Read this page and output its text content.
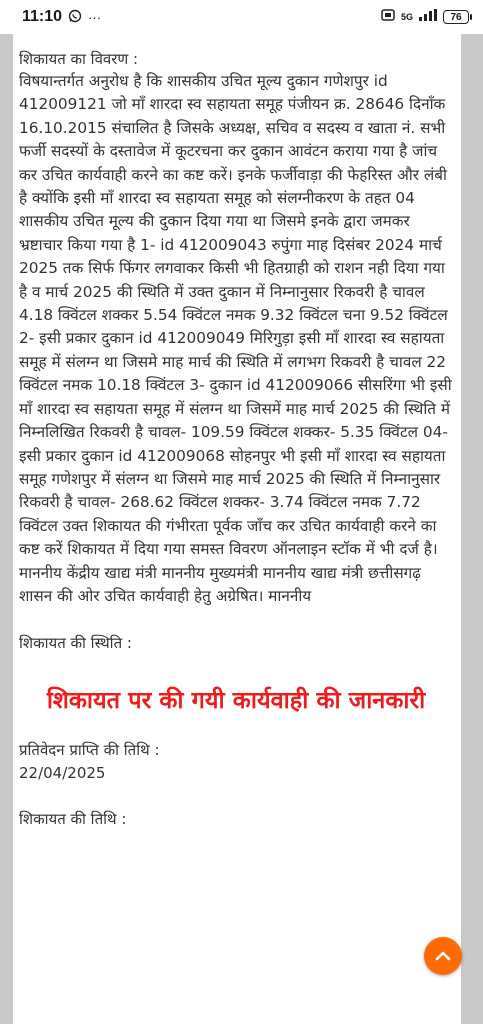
11:10 ···	5G	76

शिकायत का विवरण :

विषयान्तर्गत अनुरोध है कि शासकीय उचित मूल्य दुकान गणेशपुर id 412009121 जो माँ शारदा स्व सहायता समूह पंजीयन क्र. 28646 दिनाँक 16.10.2015 संचालित है जिसके अध्यक्ष, सचिव व सदस्य व खाता नं. सभी फर्जी सदस्यों के दस्तावेज में कूटरचना कर दुकान आवंटन कराया गया है जांच कर उचित कार्यवाही करने का कष्ट करें। इनके फर्जीवाड़ा की फेहरिस्त और लंबी है क्योंकि इसी माँ शारदा स्व सहायता समूह को संलग्नीकरण के तहत 04 शासकीय उचित मूल्य की दुकान दिया गया था जिसमे इनके द्वारा जमकर भ्रष्टाचार किया गया है 1- id 412009043 रुपुंगा माह दिसंबर 2024 मार्च 2025 तक सिर्फ फिंगर लगवाकर किसी भी हितग्राही को राशन नही दिया गया है व मार्च 2025 की स्थिति में उक्त दुकान में निम्नानुसार रिकवरी है चावल 4.18 क्विंटल शक्कर 5.54 क्विंटल नमक 9.32 क्विंटल चना 9.52 क्विंटल 2- इसी प्रकार दुकान id 412009049 मिरिगुड़ा इसी माँ शारदा स्व सहायता समूह में संलग्न था जिसमे माह मार्च की स्थिति में लगभग रिकवरी है चावल 22 क्विंटल नमक 10.18 क्विंटल 3- दुकान id 412009066 सीसरिंगा भी इसी माँ शारदा स्व सहायता समूह में संलग्न था जिसमें माह मार्च 2025 की स्थिति में निम्नलिखित रिकवरी है चावल- 109.59 क्विंटल शक्कर- 5.35 क्विंटल 04- इसी प्रकार दुकान id 412009068 सोहनपुर भी इसी माँ शारदा स्व सहायता समूह गणेशपुर में संलग्न था जिसमे माह मार्च 2025 की स्थिति में निम्नानुसार रिकवरी है चावल- 268.62 क्विंटल शक्कर- 3.74 क्विंटल नमक 7.72 क्विंटल उक्त शिकायत की गंभीरता पूर्वक जाँच कर उचित कार्यवाही करने का कष्ट करें शिकायत में दिया गया समस्त विवरण ऑनलाइन स्टॉक में भी दर्ज है। माननीय केंद्रीय खाद्य मंत्री माननीय मुख्यमंत्री माननीय खाद्य मंत्री छत्तीसगढ़ शासन की ओर उचित कार्यवाही हेतु अग्रेषित। माननीय

शिकायत की स्थिति :

शिकायत पर की गयी कार्यवाही की जानकारी

प्रतिवेदन प्राप्ति की तिथि :

22/04/2025

शिकायत की तिथि :
